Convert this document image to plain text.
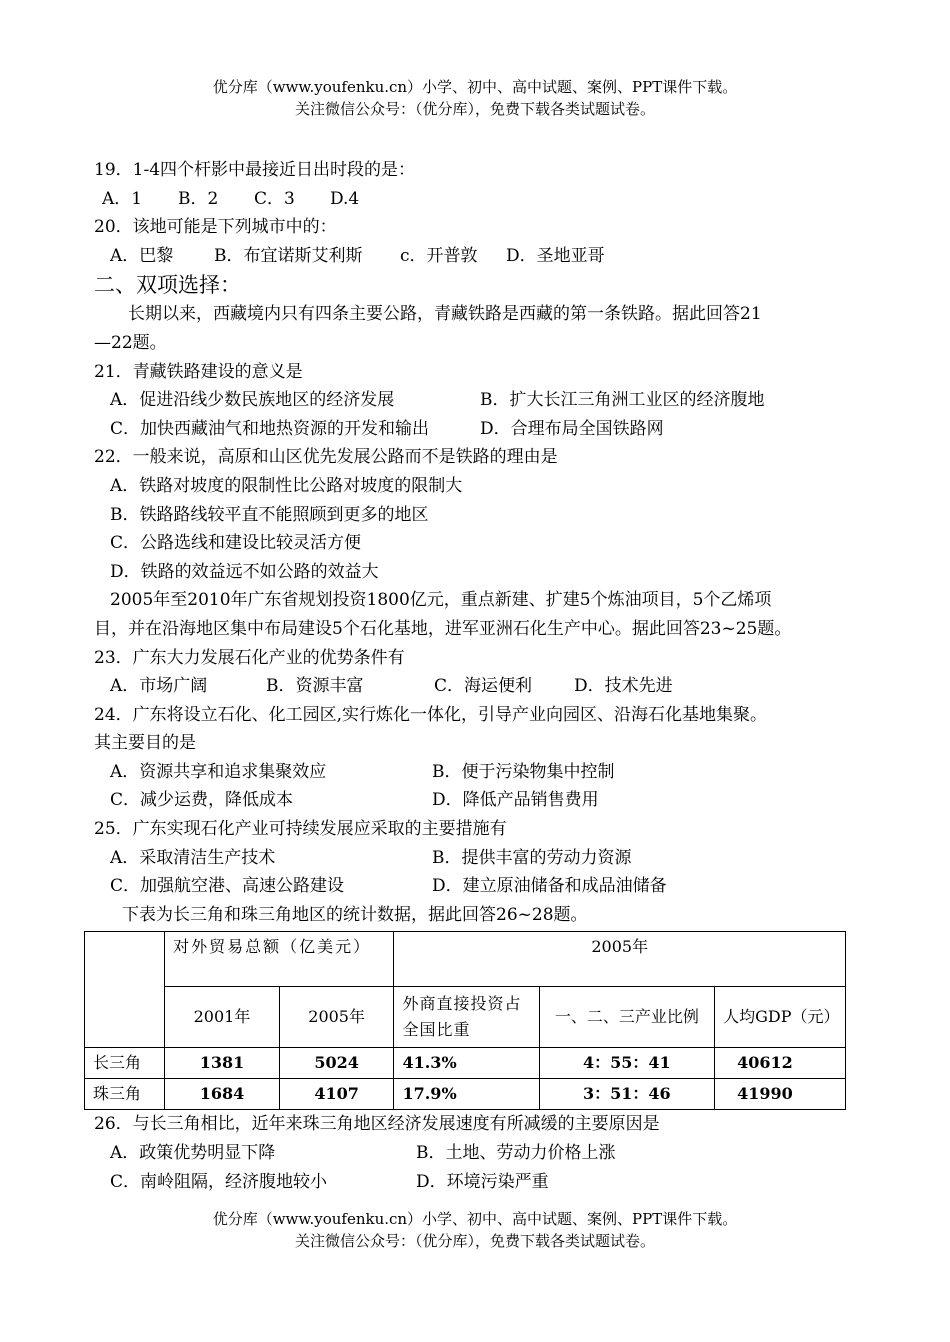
优分库（www.youfenku.cn）小学、初中、高中试题、案例、PPT课件下载。
关注微信公众号：（优分库），免费下载各类试题试卷。
19．1-4四个杆影中最接近日出时段的是：
A．1 B．2 C．3 D.4
20．该地可能是下列城市中的：
A．巴黎 B．布宜诺斯艾利斯 c．开普敦 D．圣地亚哥
二、双项选择：
长期以来，西藏境内只有四条主要公路，青藏铁路是西藏的第一条铁路。据此回答21
—22题。
21．青藏铁路建设的意义是
A．促进沿线少数民族地区的经济发展	B．扩大长江三角洲工业区的经济腹地
C．加快西藏油气和地热资源的开发和输出	D．合理布局全国铁路网
22．一般来说，高原和山区优先发展公路而不是铁路的理由是
A．铁路对坡度的限制性比公路对坡度的限制大
B．铁路路线较平直不能照顾到更多的地区
C．公路选线和建设比较灵活方便
D．铁路的效益远不如公路的效益大
2005年至2010年广东省规划投资1800亿元，重点新建、扩建5个炼油项目，5个乙烯项
目，并在沿海地区集中布局建设5个石化基地，进军亚洲石化生产中心。据此回答23~25题。
23．广东大力发展石化产业的优势条件有
A．市场广阔	B．资源丰富	C．海运便利 D．技术先进
24．广东将设立石化、化工园区,实行炼化一体化，引导产业向园区、沿海石化基地集聚。
其主要目的是
A．资源共享和追求集聚效应	B．便于污染物集中控制
C．减少运费，降低成本	D．降低产品销售费用
25．广东实现石化产业可持续发展应采取的主要措施有
A．采取清洁生产技术	B．提供丰富的劳动力资源
C．加强航空港、高速公路建设	D．建立原油储备和成品油储备
下表为长三角和珠三角地区的统计数据，据此回答26~28题。
	对外贸易总额（亿美元）		2005年		
	2001年	2005年	外商直接投资占全国比重	一、二、三产业比例	人均GDP（元）
长三角	1381	5024	41.3%	4：55：41	40612
珠三角	1684	4107	17.9%	3：51：46	41990
26．与长三角相比，近年来珠三角地区经济发展速度有所减缓的主要原因是
A．政策优势明显下降	B．土地、劳动力价格上涨
C．南岭阻隔，经济腹地较小	D．环境污染严重
优分库（www.youfenku.cn）小学、初中、高中试题、案例、PPT课件下载。
关注微信公众号：（优分库），免费下载各类试题试卷。
